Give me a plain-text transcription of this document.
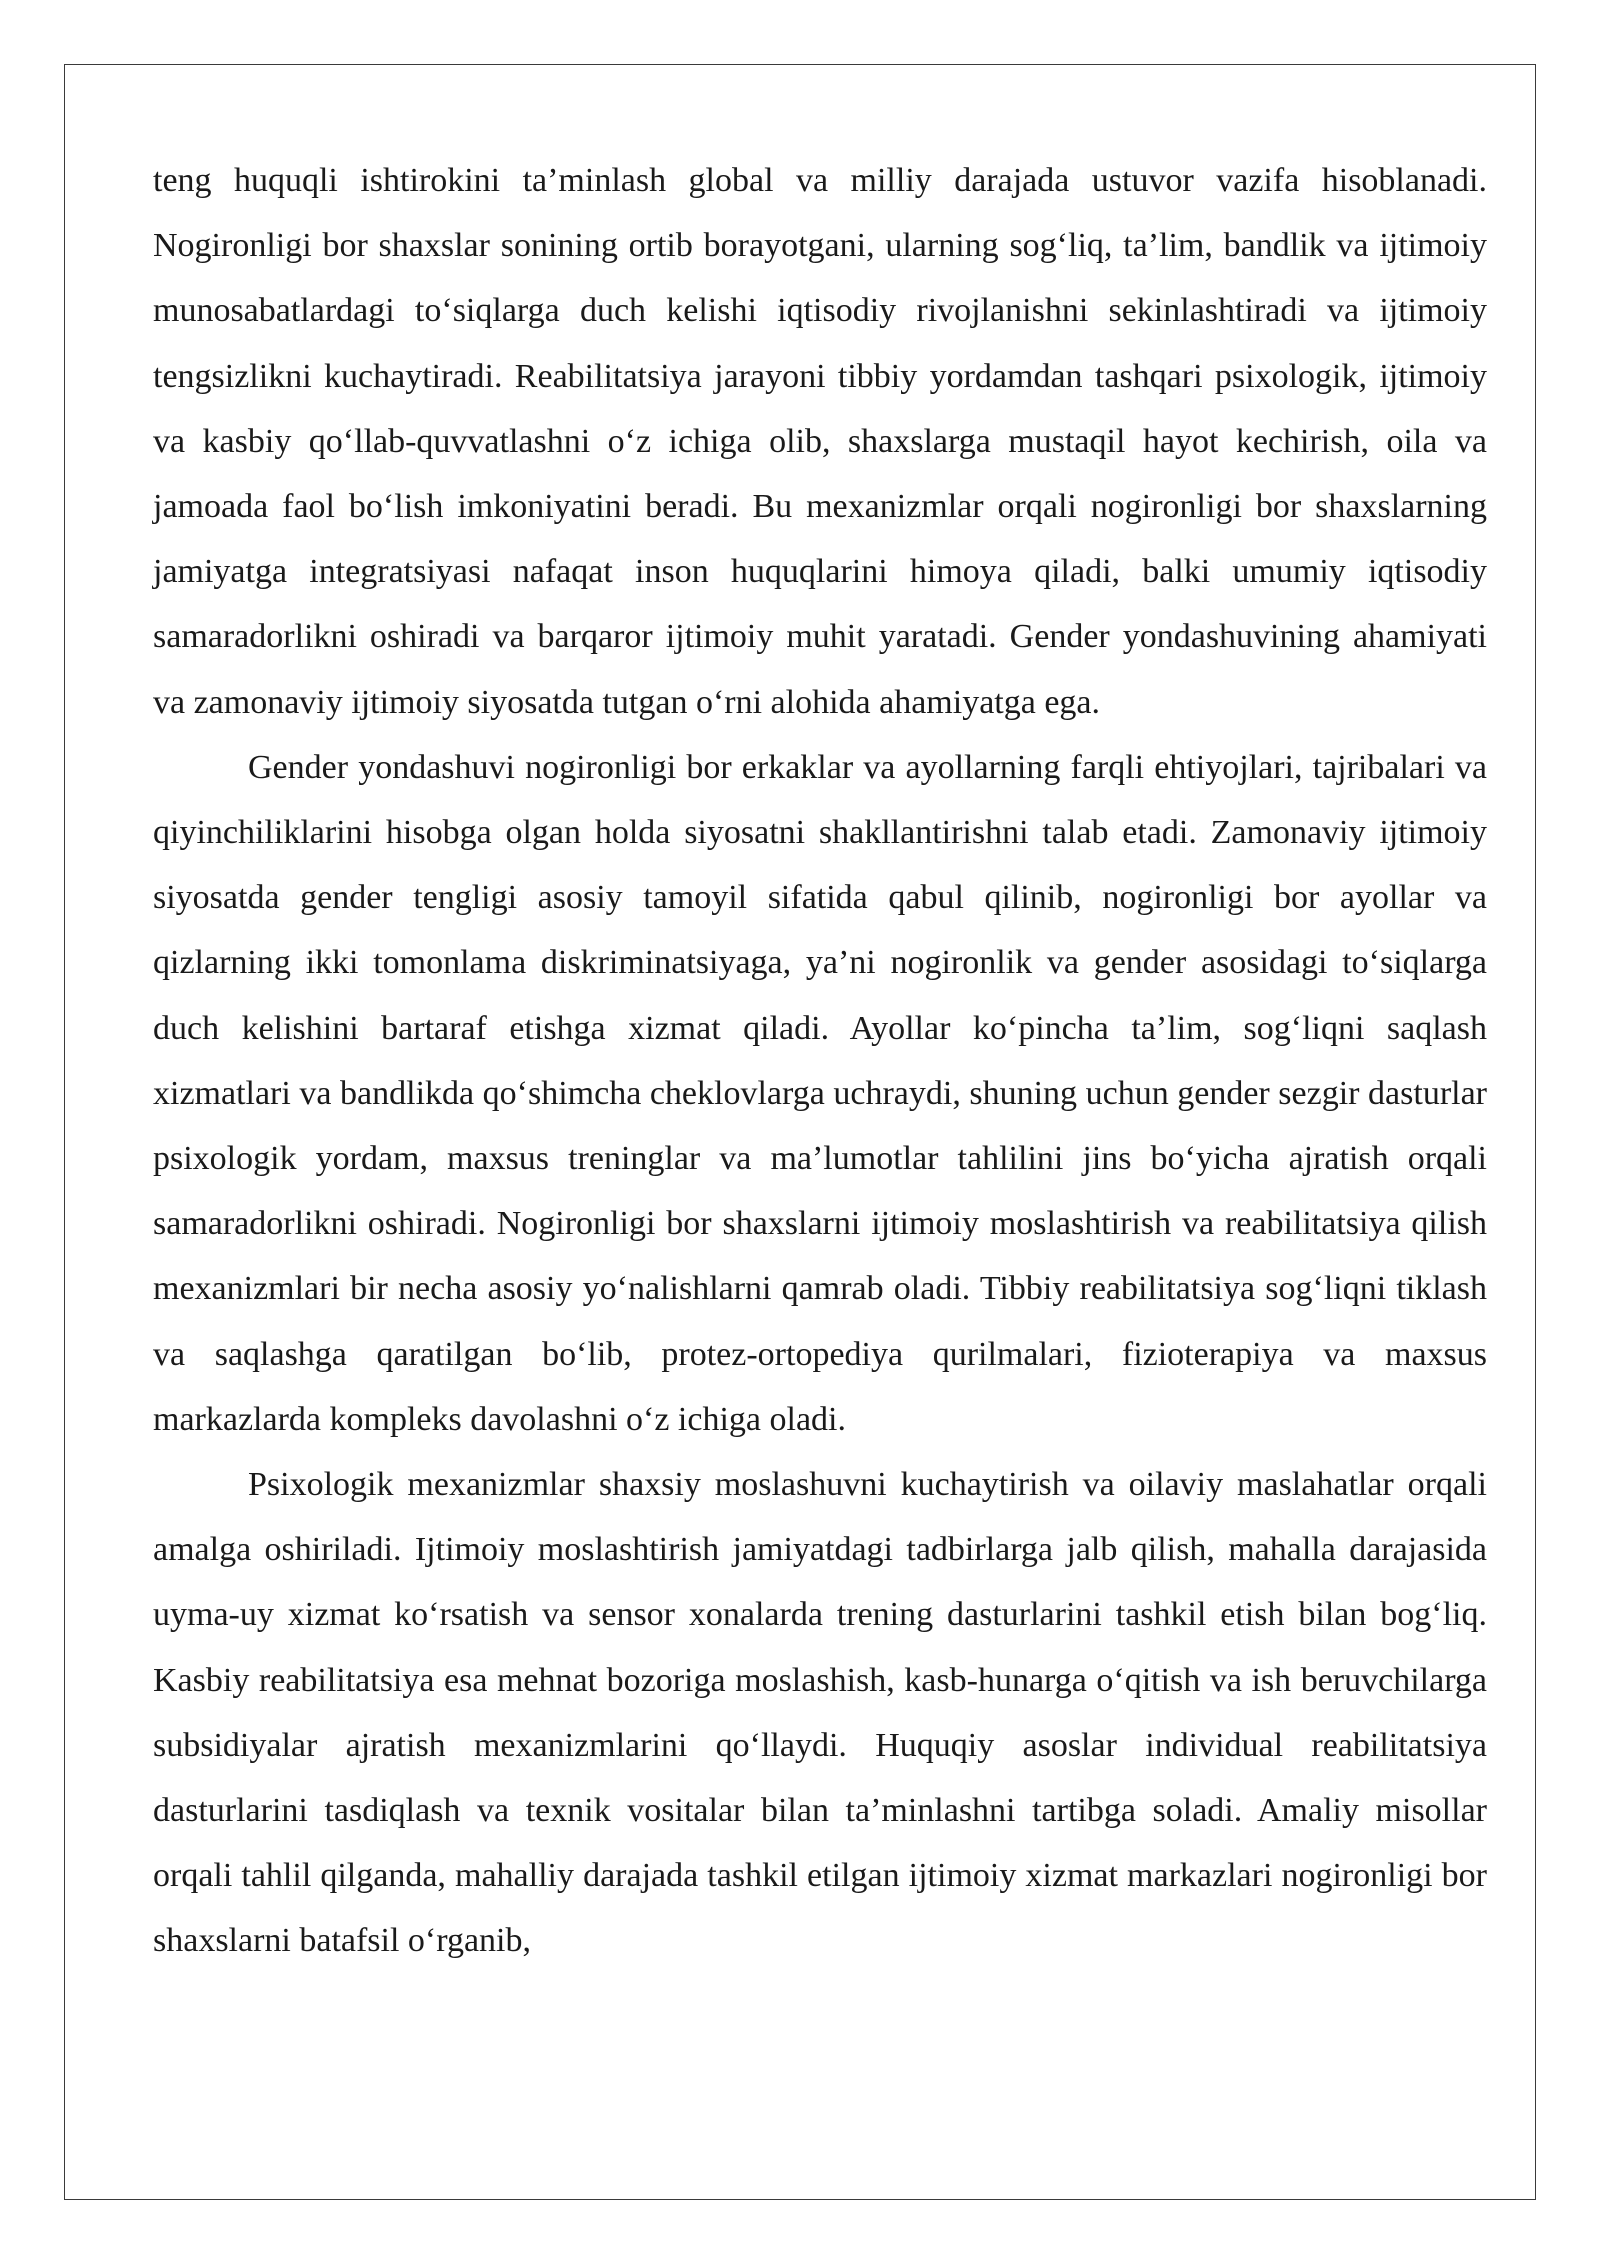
teng huquqli ishtirokini ta’minlash global va milliy darajada ustuvor vazifa hisoblanadi. Nogironligi bor shaxslar sonining ortib borayotgani, ularning sog‘liq, ta’lim, bandlik va ijtimoiy munosabatlardagi to‘siqlarga duch kelishi iqtisodiy rivojlanishni sekinlashtiradi va ijtimoiy tengsizlikni kuchaytiradi. Reabilitatsiya jarayoni tibbiy yordamdan tashqari psixologik, ijtimoiy va kasbiy qo‘llab-quvvatlashni o‘z ichiga olib, shaxslarga mustaqil hayot kechirish, oila va jamoada faol bo‘lish imkoniyatini beradi. Bu mexanizmlar orqali nogironligi bor shaxslarning jamiyatga integratsiyasi nafaqat inson huquqlarini himoya qiladi, balki umumiy iqtisodiy samaradorlikni oshiradi va barqaror ijtimoiy muhit yaratadi. Gender yondashuvining ahamiyati va zamonaviy ijtimoiy siyosatda tutgan o‘rni alohida ahamiyatga ega.

Gender yondashuvi nogironligi bor erkaklar va ayollarning farqli ehtiyojlari, tajribalari va qiyinchiliklarini hisobga olgan holda siyosatni shakllantirishni talab etadi. Zamonaviy ijtimoiy siyosatda gender tengligi asosiy tamoyil sifatida qabul qilinib, nogironligi bor ayollar va qizlarning ikki tomonlama diskriminatsiyaga, ya’ni nogironlik va gender asosidagi to‘siqlarga duch kelishini bartaraf etishga xizmat qiladi. Ayollar ko‘pincha ta’lim, sog‘liqni saqlash xizmatlari va bandlikda qo‘shimcha cheklovlarga uchraydi, shuning uchun gender sezgir dasturlar psixologik yordam, maxsus treninglar va ma’lumotlar tahlilini jins bo‘yicha ajratish orqali samaradorlikni oshiradi. Nogironligi bor shaxslarni ijtimoiy moslashtirish va reabilitatsiya qilish mexanizmlari bir necha asosiy yo‘nalishlarni qamrab oladi. Tibbiy reabilitatsiya sog‘liqni tiklash va saqlashga qaratilgan bo‘lib, protez-ortopediya qurilmalari, fizioterapiya va maxsus markazlarda kompleks davolashni o‘z ichiga oladi.

Psixologik mexanizmlar shaxsiy moslashuvni kuchaytirish va oilaviy maslahatlar orqali amalga oshiriladi. Ijtimoiy moslashtirish jamiyatdagi tadbirlarga jalb qilish, mahalla darajasida uyma-uy xizmat ko‘rsatish va sensor xonalarda trening dasturlarini tashkil etish bilan bog‘liq. Kasbiy reabilitatsiya esa mehnat bozoriga moslashish, kasb-hunarga o‘qitish va ish beruvchilarga subsidiyalar ajratish mexanizmlarini qo‘llaydi. Huquqiy asoslar individual reabilitatsiya dasturlarini tasdiqlash va texnik vositalar bilan ta’minlashni tartibga soladi. Amaliy misollar orqali tahlil qilganda, mahalliy darajada tashkil etilgan ijtimoiy xizmat markazlari nogironligi bor shaxslarni batafsil o‘rganib,
